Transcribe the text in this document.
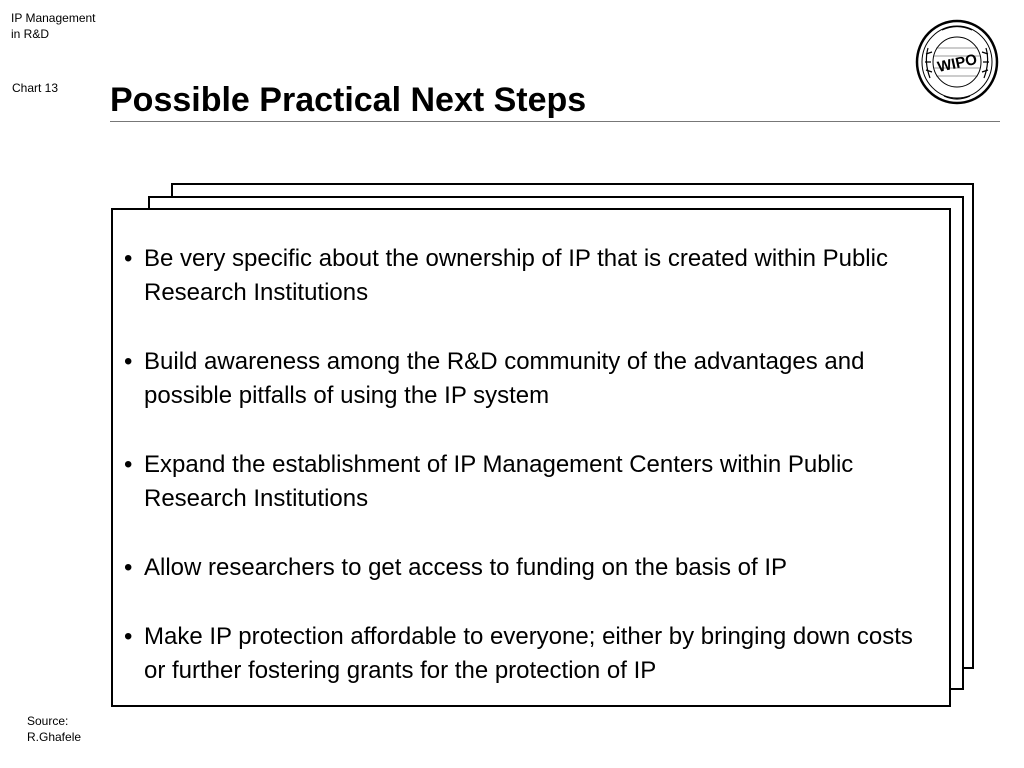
IP Management
in R&D
Chart 13 Possible Practical Next Steps
WIPO
• Be very specific about the ownership of IP that is created within Public Research Institutions
• Build awareness among the R&D community of the advantages and possible pitfalls of using the IP system
• Expand the establishment of IP Management Centers within Public Research Institutions
• Allow researchers to get access to funding on the basis of IP
• Make IP protection affordable to everyone; either by bringing down costs or further fostering grants for the protection of IP
Source:
R.Ghafele
